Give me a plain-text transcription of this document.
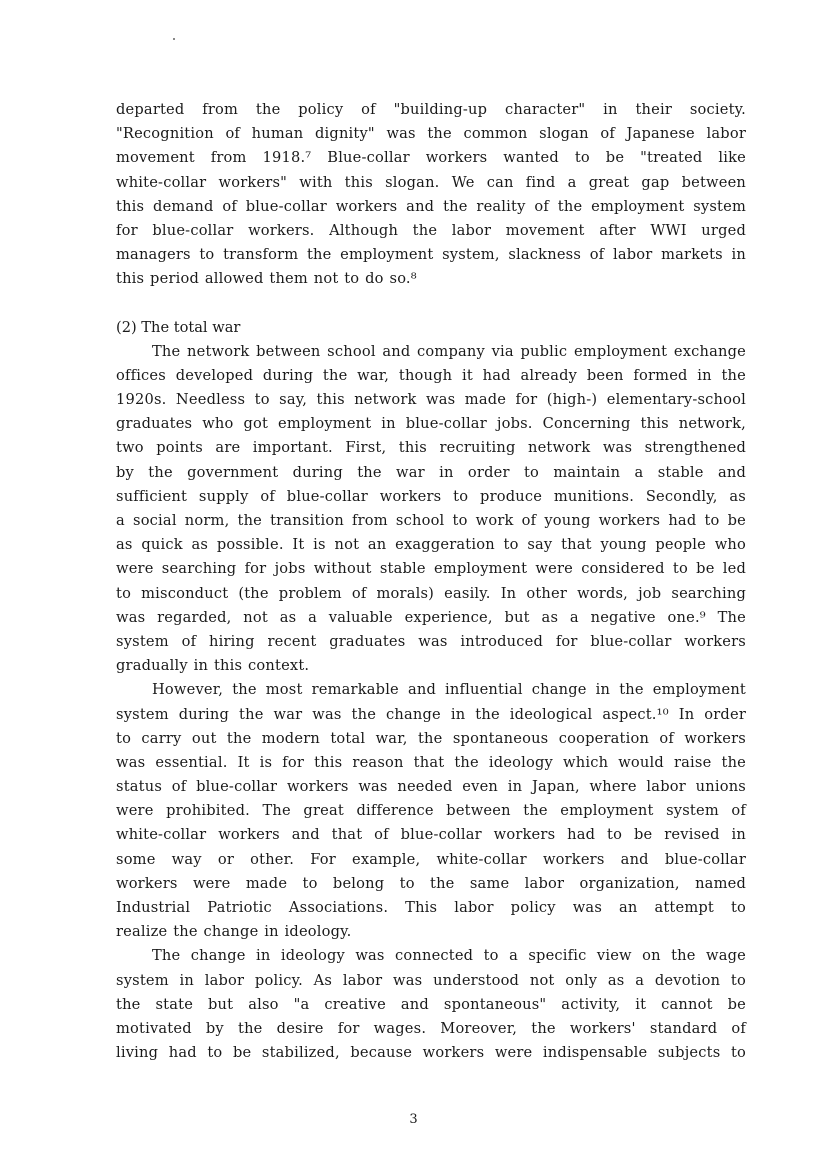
departed from the policy of "building-up character" in their society.
"Recognition of human dignity" was the common slogan of Japanese labor
movement from 1918.⁷ Blue-collar workers wanted to be "treated like
white-collar workers" with this slogan. We can find a great gap between
this demand of blue-collar workers and the reality of the employment system
for blue-collar workers. Although the labor movement after WWI urged
managers to transform the employment system, slackness of labor markets in
this period allowed them not to do so.⁸
(2) The total war
The network between school and company via public employment exchange
offices developed during the war, though it had already been formed in the
1920s. Needless to say, this network was made for (high-) elementary-school
graduates who got employment in blue-collar jobs. Concerning this network,
two points are important. First, this recruiting network was strengthened
by the government during the war in order to maintain a stable and
sufficient supply of blue-collar workers to produce munitions. Secondly, as
a social norm, the transition from school to work of young workers had to be
as quick as possible. It is not an exaggeration to say that young people who
were searching for jobs without stable employment were considered to be led
to misconduct (the problem of morals) easily. In other words, job searching
was regarded, not as a valuable experience, but as a negative one.⁹ The
system of hiring recent graduates was introduced for blue-collar workers
gradually in this context.
However, the most remarkable and influential change in the employment
system during the war was the change in the ideological aspect.¹⁰ In order
to carry out the modern total war, the spontaneous cooperation of workers
was essential. It is for this reason that the ideology which would raise the
status of blue-collar workers was needed even in Japan, where labor unions
were prohibited. The great difference between the employment system of
white-collar workers and that of blue-collar workers had to be revised in
some way or other. For example, white-collar workers and blue-collar
workers were made to belong to the same labor organization, named
Industrial Patriotic Associations. This labor policy was an attempt to
realize the change in ideology.
The change in ideology was connected to a specific view on the wage
system in labor policy. As labor was understood not only as a devotion to
the state but also "a creative and spontaneous" activity, it cannot be
motivated by the desire for wages. Moreover, the workers' standard of
living had to be stabilized, because workers were indispensable subjects to
3
